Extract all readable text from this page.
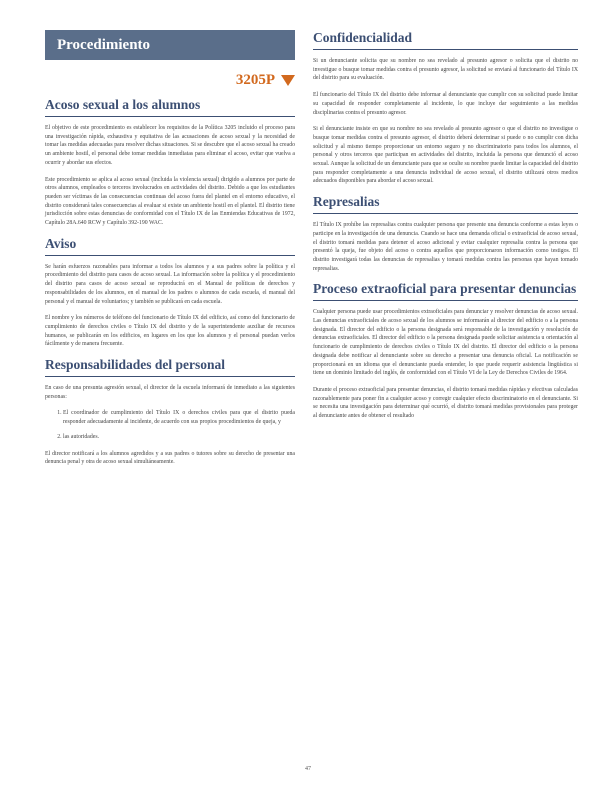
Procedimiento
3205P
Acoso sexual a los alumnos

El objetivo de este procedimiento es establecer los requisitos de la Política 3205 incluido el proceso para una investigación rápida, exhaustiva y equitativa de las acusaciones de acoso sexual y la necesidad de tomar las medidas adecuadas para resolver dichas situaciones. Si se descubre que el acoso sexual ha creado un ambiente hostil, el personal debe tomar medidas inmediatas para eliminar el acoso, evitar que vuelva a ocurrir y abordar sus efectos.

Este procedimiento se aplica al acoso sexual (incluida la violencia sexual) dirigido a alumnos por parte de otros alumnos, empleados o terceros involucrados en actividades del distrito. Debido a que los estudiantes pueden ser víctimas de las consecuencias continuas del acoso fuera del plantel en el entorno educativo, el distrito considerará tales consecuencias al evaluar si existe un ambiente hostil en el plantel. El distrito tiene jurisdicción sobre estas denuncias de conformidad con el Título IX de las Enmiendas Educativas de 1972, Capítulo 28A.640 RCW y Capítulo 392-190 WAC.

Aviso

Se harán esfuerzos razonables para informar a todos los alumnos y a sus padres sobre la política y el procedimiento del distrito para casos de acoso sexual. La información sobre la política y el procedimiento del distrito para casos de acoso sexual se reproducirá en el Manual de políticas de derechos y responsabilidades de los alumnos, en el manual de los padres o alumnos de cada escuela, el manual del personal y el manual de voluntarios; y también se publicará en cada escuela.

El nombre y los números de teléfono del funcionario de Título IX del edificio, así como del funcionario de cumplimiento de derechos civiles o Título IX del distrito y de la superintendente auxiliar de recursos humanos, se publicarán en los edificios, en lugares en los que los alumnos y el personal puedan verlos fácilmente y de manera frecuente.

Responsabilidades del personal

En caso de una presunta agresión sexual, el director de la escuela informará de inmediato a las siguientes personas:

1. El coordinador de cumplimiento del Título IX o derechos civiles para que el distrito pueda responder adecuadamente al incidente, de acuerdo con sus propios procedimientos de queja, y
2. las autoridades.

El director notificará a los alumnos agredidos y a sus padres o tutores sobre su derecho de presentar una denuncia penal y otra de acoso sexual simultáneamente.

Confidencialidad

Si un denunciante solicita que su nombre no sea revelado al presunto agresor o solicita que el distrito no investigue o busque tomar medidas contra el presunto agresor, la solicitud se enviará al funcionario del Título IX del distrito para su evaluación.

El funcionario del Título IX del distrito debe informar al denunciante que cumplir con su solicitud puede limitar su capacidad de responder completamente al incidente, lo que incluye dar seguimiento a las medidas disciplinarias contra el presunto agresor.

Si el denunciante insiste en que su nombre no sea revelado al presunto agresor o que el distrito no investigue o busque tomar medidas contra el presunto agresor, el distrito deberá determinar si puede o no cumplir con dicha solicitud y al mismo tiempo proporcionar un entorno seguro y no discriminatorio para todos los alumnos, el personal y otros terceros que participan en actividades del distrito, incluida la persona que denunció el acoso sexual. Aunque la solicitud de un denunciante para que se oculte su nombre puede limitar la capacidad del distrito para responder completamente a una denuncia individual de acoso sexual, el distrito utilizará otros medios adecuados disponibles para abordar el acoso sexual.

Represalias

El Título IX prohíbe las represalias contra cualquier persona que presente una denuncia conforme a estas leyes o participe en la investigación de una denuncia. Cuando se hace una demanda oficial o extraoficial de acoso sexual, el distrito tomará medidas para detener el acoso adicional y evitar cualquier represalia contra la persona que presentó la queja, fue objeto del acoso o contra aquellos que proporcionaron información como testigos. El distrito investigará todas las denuncias de represalias y tomará medidas contra las personas que hayan tomado represalias.

Proceso extraoficial para presentar denuncias

Cualquier persona puede usar procedimientos extraoficiales para denunciar y resolver denuncias de acoso sexual. Las denuncias extraoficiales de acoso sexual de los alumnos se informarán al director del edificio o a la persona designada. El director del edificio o la persona designada será responsable de la investigación y resolución de denuncias extraoficiales. El director del edificio o la persona designada puede solicitar asistencia u orientación al funcionario de cumplimiento de derechos civiles o Título IX del distrito. El director del edificio o la persona designada debe notificar al denunciante sobre su derecho a presentar una denuncia oficial. La notificación se proporcionará en un idioma que el denunciante pueda entender, lo que puede requerir asistencia lingüística si tiene un dominio limitado del inglés, de conformidad con el Título VI de la Ley de Derechos Civiles de 1964.

Durante el proceso extraoficial para presentar denuncias, el distrito tomará medidas rápidas y efectivas calculadas razonablemente para poner fin a cualquier acoso y corregir cualquier efecto discriminatorio en el denunciante. Si se necesita una investigación para determinar qué ocurrió, el distrito tomará medidas provisionales para proteger al denunciante antes de obtener el resultado

47
